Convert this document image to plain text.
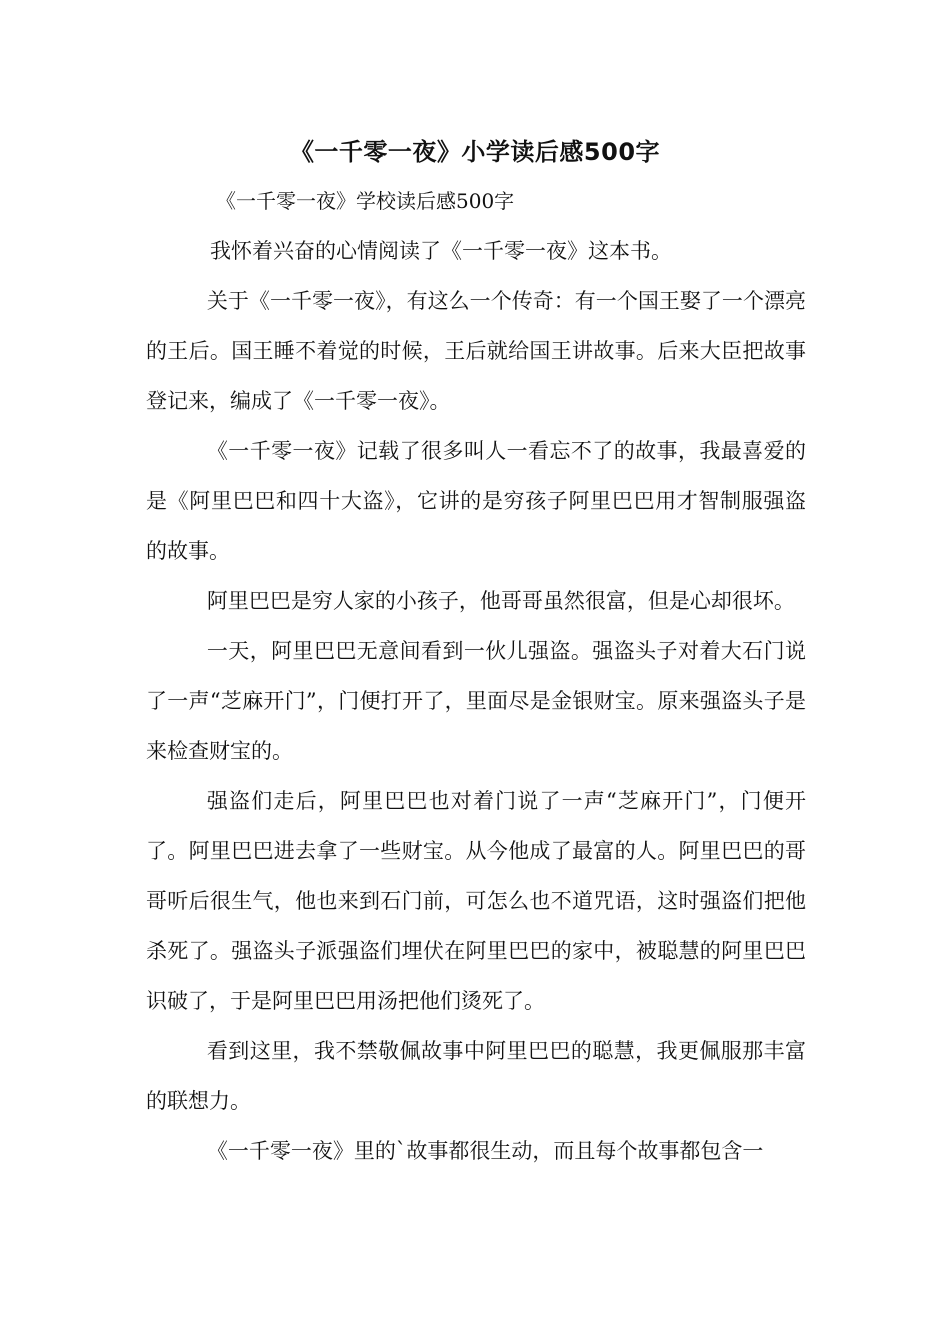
《一千零一夜》小学读后感500字
《一千零一夜》学校读后感500字

我怀着兴奋的心情阅读了《一千零一夜》这本书。

关于《一千零一夜》，有这么一个传奇：有一个国王娶了一个漂亮的王后。国王睡不着觉的时候，王后就给国王讲故事。后来大臣把故事登记来，编成了《一千零一夜》。

《一千零一夜》记载了很多叫人一看忘不了的故事，我最喜爱的是《阿里巴巴和四十大盗》，它讲的是穷孩子阿里巴巴用才智制服强盗的故事。

阿里巴巴是穷人家的小孩子，他哥哥虽然很富，但是心却很坏。

一天，阿里巴巴无意间看到一伙儿强盗。强盗头子对着大石门说了一声“芝麻开门”，门便打开了，里面尽是金银财宝。原来强盗头子是来检查财宝的。

强盗们走后，阿里巴巴也对着门说了一声“芝麻开门”，门便开了。阿里巴巴进去拿了一些财宝。从今他成了最富的人。阿里巴巴的哥哥听后很生气，他也来到石门前，可怎么也不道咒语，这时强盗们把他杀死了。强盗头子派强盗们埋伏在阿里巴巴的家中，被聪慧的阿里巴巴识破了，于是阿里巴巴用汤把他们烫死了。

看到这里，我不禁敬佩故事中阿里巴巴的聪慧，我更佩服那丰富的联想力。

《一千零一夜》里的`故事都很生动，而且每个故事都包含一
